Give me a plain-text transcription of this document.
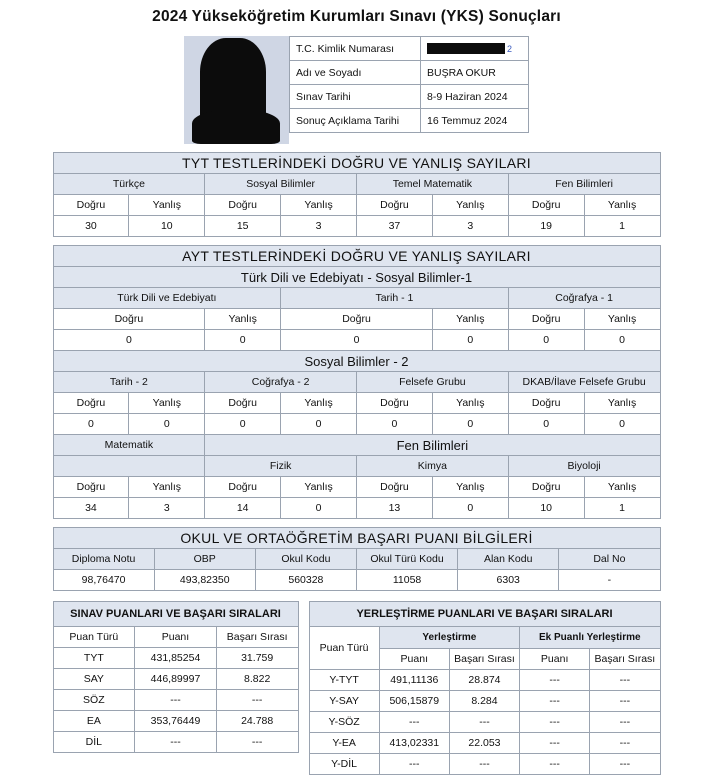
2024 Yükseköğretim Kurumları Sınavı (YKS) Sonuçları
T.C. Kimlik Numarası	2
Adı ve Soyadı	BUŞRA OKUR
Sınav Tarihi	8-9 Haziran 2024
Sonuç Açıklama Tarihi	16 Temmuz 2024
TYT TESTLERİNDEKİ DOĞRU VE YANLIŞ SAYILARI							
Türkçe		Sosyal Bilimler		Temel Matematik		Fen Bilimleri	
Doğru	Yanlış	Doğru	Yanlış	Doğru	Yanlış	Doğru	Yanlış
30	10	15	3	37	3	19	1
AYT TESTLERİNDEKİ DOĞRU VE YANLIŞ SAYILARI							
Türk Dili ve Edebiyatı - Sosyal Bilimler-1							
Türk Dili ve Edebiyatı			Tarih - 1			Coğrafya - 1	
Doğru		Yanlış	Doğru		Yanlış	Doğru	Yanlış
0		0	0		0	0	0
Sosyal Bilimler - 2							
Tarih - 2		Coğrafya - 2		Felsefe Grubu		DKAB/İlave Felsefe Grubu	
Doğru	Yanlış	Doğru	Yanlış	Doğru	Yanlış	Doğru	Yanlış
0	0	0	0	0	0	0	0
Matematik		Fen Bilimleri					
		Fizik		Kimya		Biyoloji	
Doğru	Yanlış	Doğru	Yanlış	Doğru	Yanlış	Doğru	Yanlış
34	3	14	0	13	0	10	1
OKUL VE ORTAÖĞRETİM BAŞARI PUANI BİLGİLERİ					
Diploma Notu	OBP	Okul Kodu	Okul Türü Kodu	Alan Kodu	Dal No
98,76470	493,82350	560328	11058	6303	-
SINAV PUANLARI VE BAŞARI SIRALARI		
Puan Türü	Puanı	Başarı Sırası
TYT	431,85254	31.759
SAY	446,89997	8.822
SÖZ	---	---
EA	353,76449	24.788
DİL	---	---
YERLEŞTİRME PUANLARI VE BAŞARI SIRALARI				
Puan Türü	Yerleştirme		Ek Puanlı Yerleştirme	
	Puanı	Başarı Sırası	Puanı	Başarı Sırası
Y-TYT	491,11136	28.874	---	---
Y-SAY	506,15879	8.284	---	---
Y-SÖZ	---	---	---	---
Y-EA	413,02331	22.053	---	---
Y-DİL	---	---	---	---
